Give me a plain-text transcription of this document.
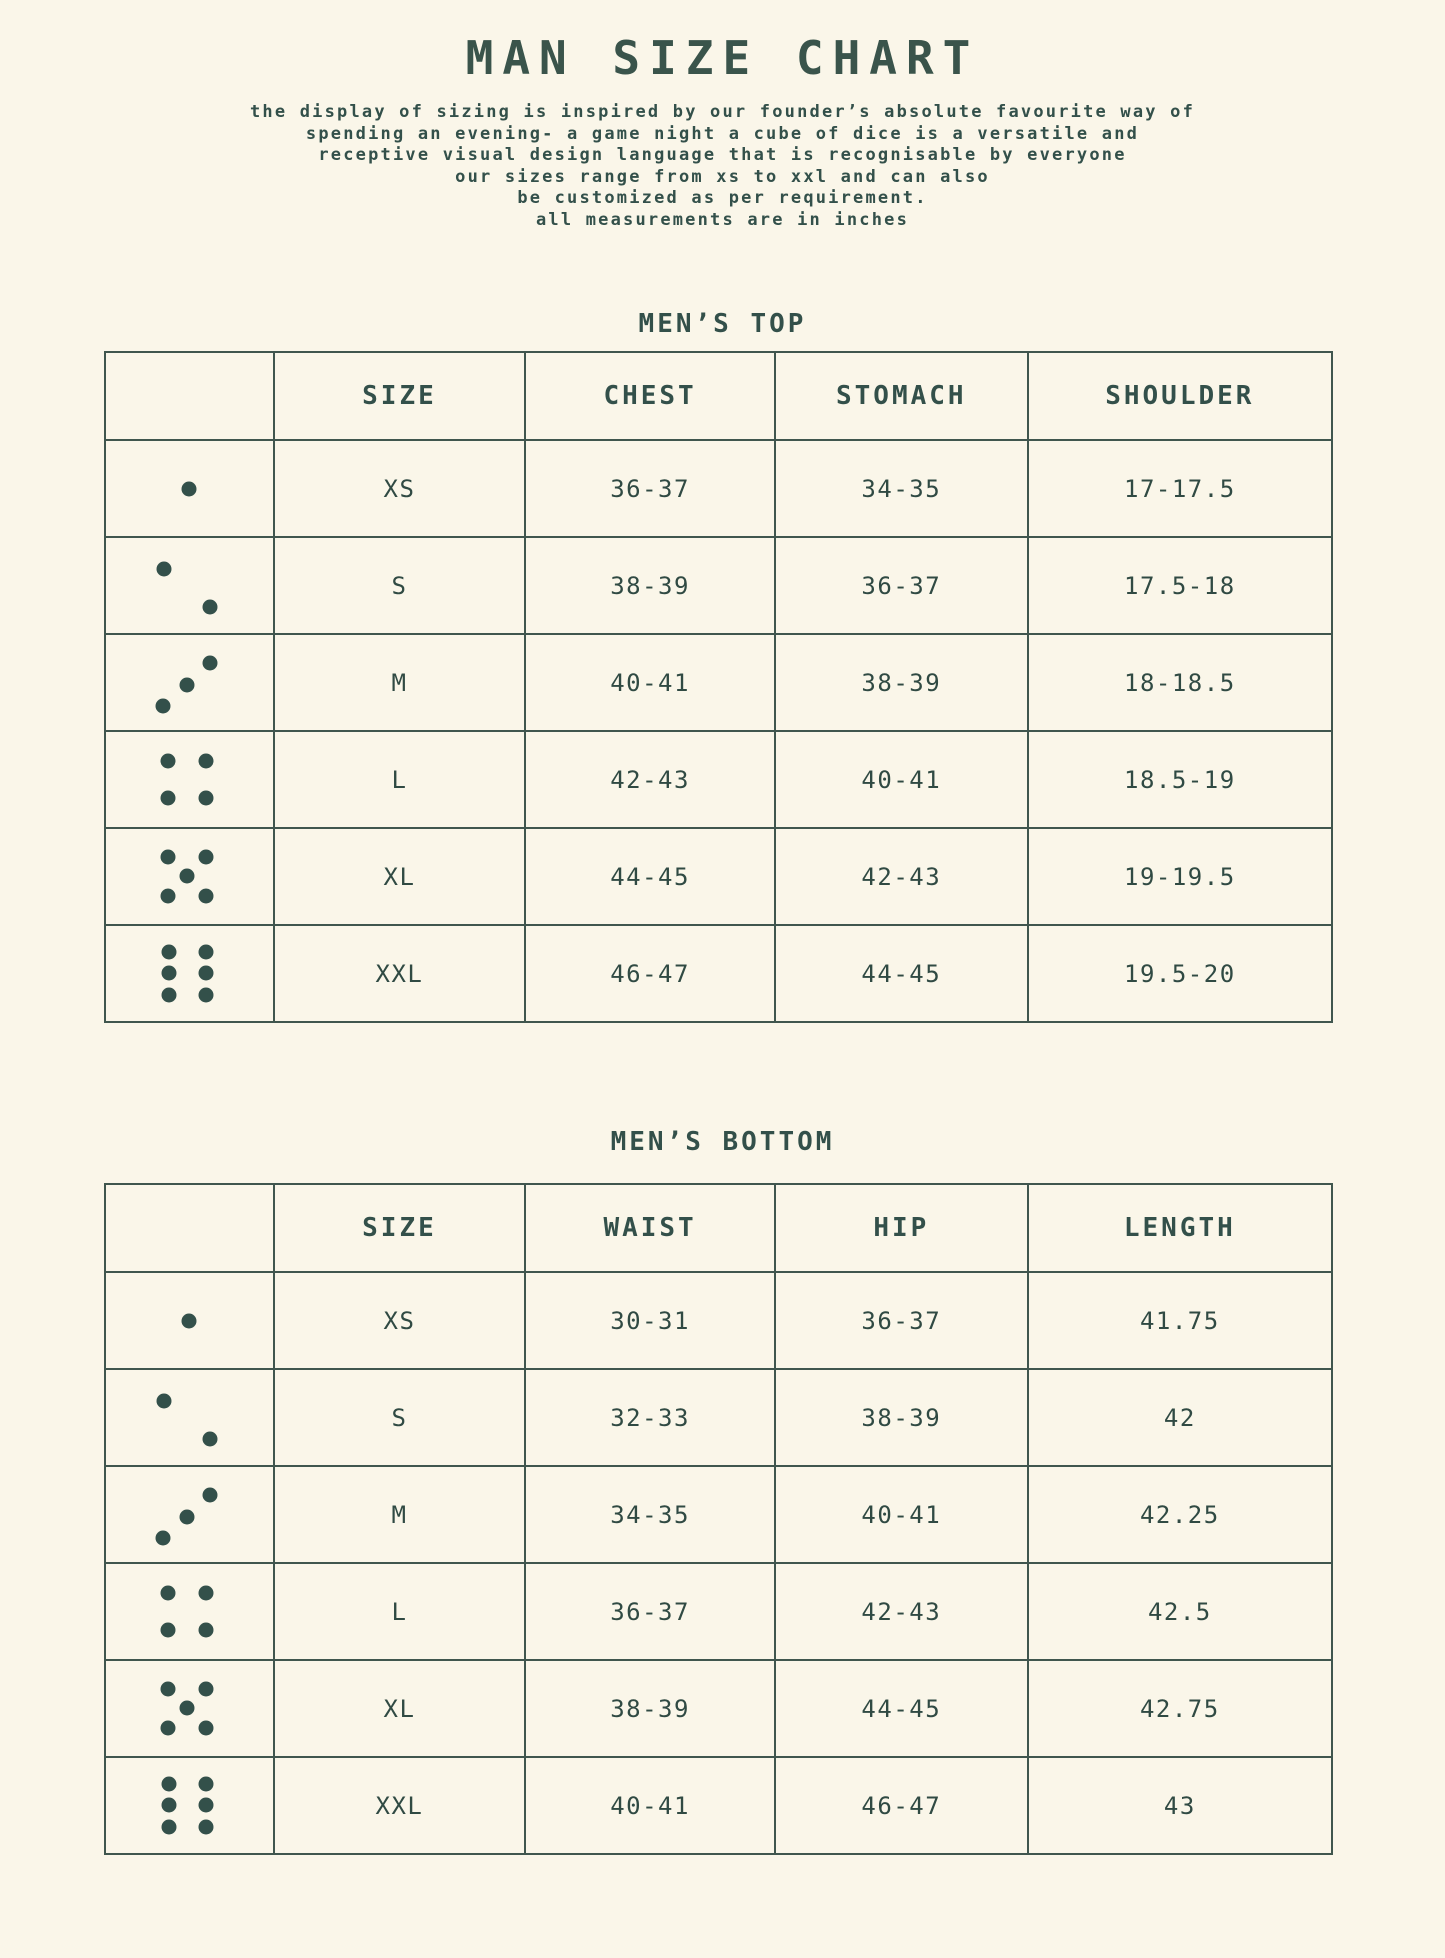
MAN SIZE CHART
the display of sizing is inspired by our founder’s absolute favourite way of
spending an evening- a game night a cube of dice is a versatile and
receptive visual design language that is recognisable by everyone
our sizes range from xs to xxl and can also
be customized as per requirement.
all measurements are in inches
MEN’S TOP
	SIZE	CHEST	STOMACH	SHOULDER

	XS	36-37	34-35	17-17.5

	S	38-39	36-37	17.5-18

	M	40-41	38-39	18-18.5

	L	42-43	40-41	18.5-19

	XL	44-45	42-43	19-19.5

	XXL	46-47	44-45	19.5-20
MEN’S BOTTOM
	SIZE	WAIST	HIP	LENGTH

	XS	30-31	36-37	41.75

	S	32-33	38-39	42

	M	34-35	40-41	42.25

	L	36-37	42-43	42.5

	XL	38-39	44-45	42.75

	XXL	40-41	46-47	43
